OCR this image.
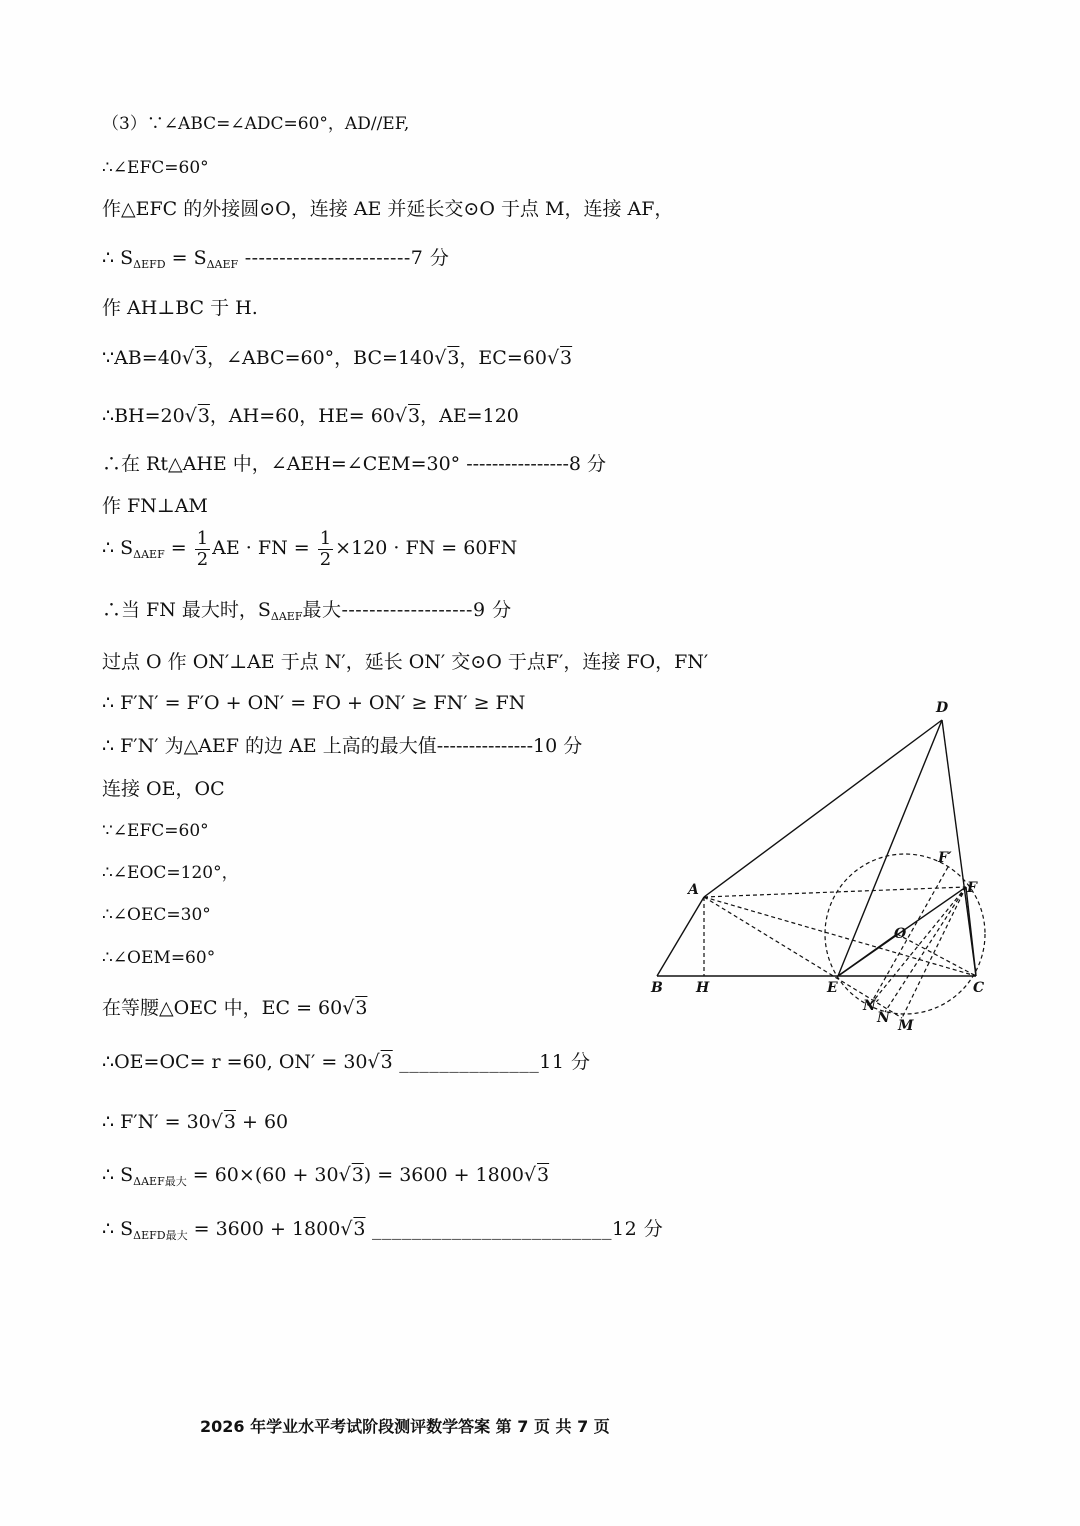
（3）∵∠ABC=∠ADC=60°，AD//EF,
∴∠EFC=60°
作△EFC 的外接圆⊙O，连接 AE 并延长交⊙O 于点 M，连接 AF，
∴ $S_{\Delta EFD} = S_{\Delta AEF}$ ------------------------7 分
作 AH⊥BC 于 H.
∵AB=40√3，∠ABC=60°，BC=140√3，EC=60√3
∴BH=20√3，AH=60，HE= 60√3，AE=120
∴在 Rt△AHE 中，∠AEH=∠CEM=30° ----------------8 分
作 FN⊥AM
∴ $S_{\Delta AEF} = \frac{1}{2}$ AE · FN = $\frac{1}{2} \times 120$ · FN = 60FN
∴当 FN 最大时，$S_{\Delta AEF}$最大-------------------9 分
过点 O 作 ON′⊥AE 于点 N′，延长 ON′ 交⊙O 于点F′，连接 FO，FN′
∴ F′N′ = F′O + ON′ = FO + ON′ ≥ FN′ ≥ FN
∴ F′N′ 为△AEF 的边 AE 上高的最大值---------------10 分
连接 OE，OC
∵∠EFC=60°
∴∠EOC=120°，
∴∠OEC=30°
∴∠OEM=60°
在等腰△OEC 中，EC = 60√3
∴OE=OC= r =60, ON′ = 30√3 ______________11 分
∴ F′N′ = 30√3 + 60
∴ $S_{\Delta AEF最大} = 60\times(60 + 30√3) = 3600 + 1800√3$
∴ $S_{\Delta EFD最大} = 3600 + 1800√3$ ________________________12 分
D
F′
F
A
O
B H	E	C
N′
N M
2026 年学业水平考试阶段测评数学答案 第 7 页 共 7 页
